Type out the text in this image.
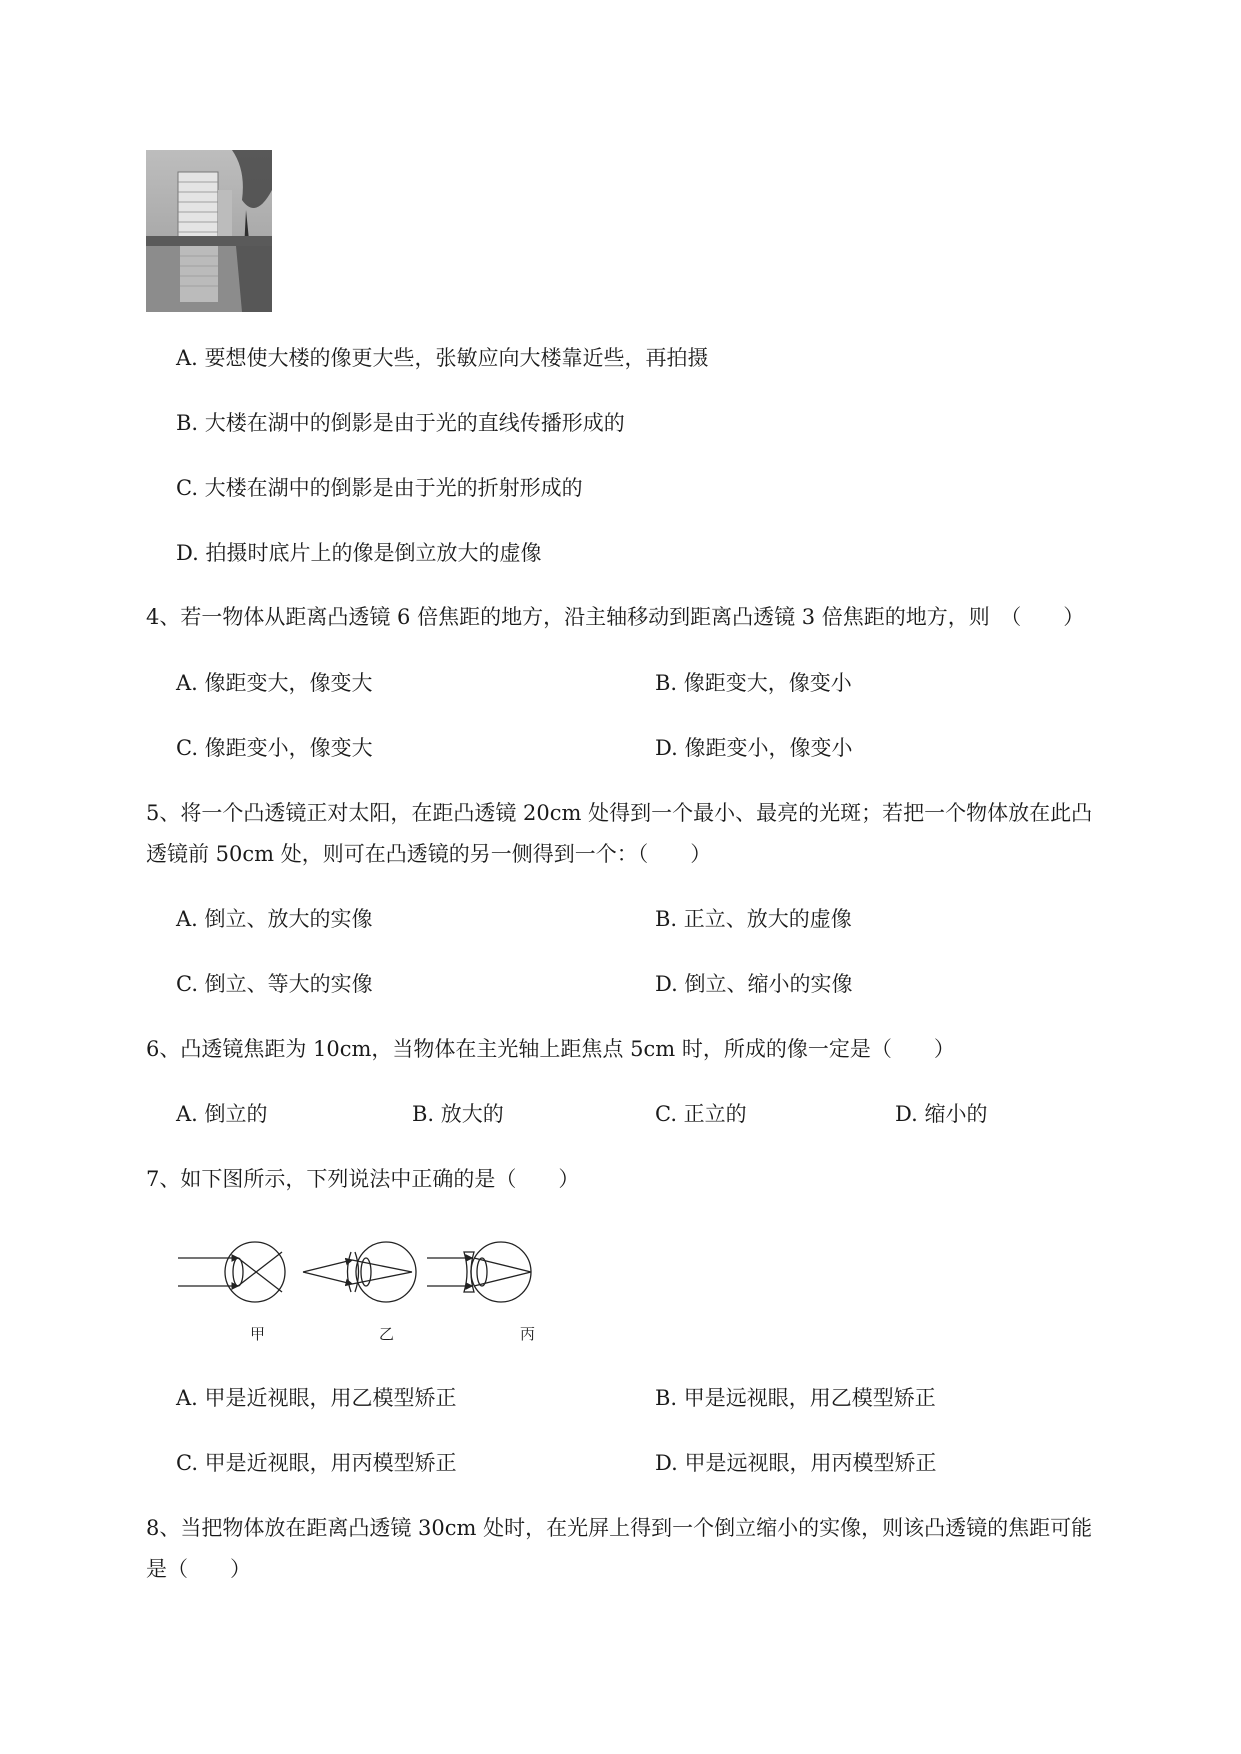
A. 要想使大楼的像更大些，张敏应向大楼靠近些，再拍摄
B. 大楼在湖中的倒影是由于光的直线传播形成的
C. 大楼在湖中的倒影是由于光的折射形成的
D. 拍摄时底片上的像是倒立放大的虚像
4、若一物体从距离凸透镜 6 倍焦距的地方，沿主轴移动到距离凸透镜 3 倍焦距的地方，则　（　　）
A. 像距变大，像变大	B. 像距变大，像变小
C. 像距变小，像变大	D. 像距变小，像变小
5、将一个凸透镜正对太阳，在距凸透镜 20cm 处得到一个最小、最亮的光斑；若把一个物体放在此凸
透镜前 50cm 处，则可在凸透镜的另一侧得到一个：（　　）
A. 倒立、放大的实像	B. 正立、放大的虚像
C. 倒立、等大的实像	D. 倒立、缩小的实像
6、凸透镜焦距为 10cm，当物体在主光轴上距焦点 5cm 时，所成的像一定是（　　）
A. 倒立的	B. 放大的	C. 正立的	D. 缩小的
7、如下图所示，下列说法中正确的是（　　）
甲	乙	丙
A. 甲是近视眼，用乙模型矫正	B. 甲是远视眼，用乙模型矫正
C. 甲是近视眼，用丙模型矫正	D. 甲是远视眼，用丙模型矫正
8、当把物体放在距离凸透镜 30cm 处时，在光屏上得到一个倒立缩小的实像，则该凸透镜的焦距可能
是（　　）
